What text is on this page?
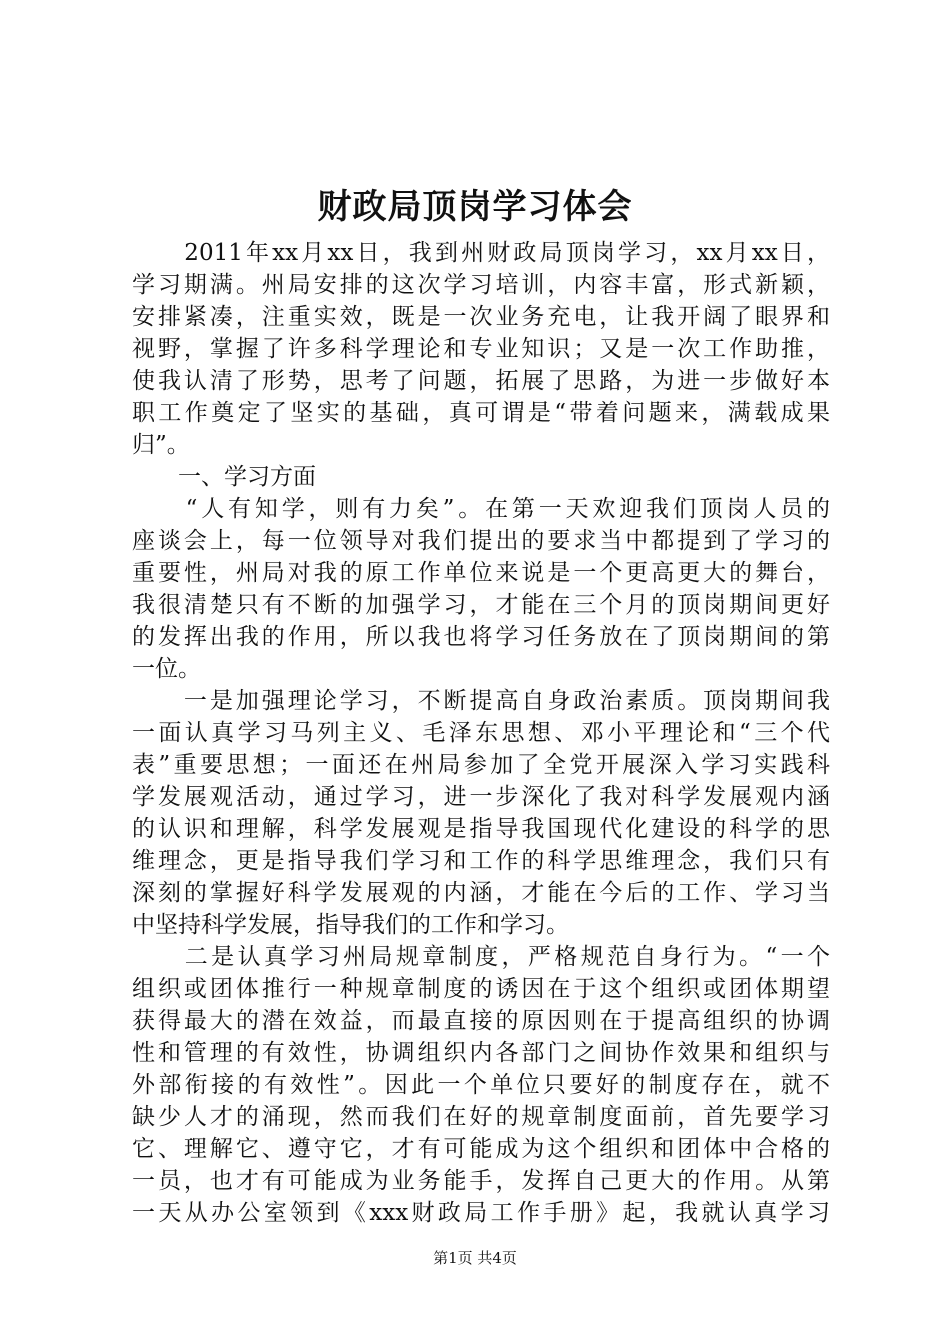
财政局顶岗学习体会
　　2011年xx月xx日，我到州财政局顶岗学习，xx月xx日，
学习期满。州局安排的这次学习培训，内容丰富，形式新颖，
安排紧凑，注重实效，既是一次业务充电，让我开阔了眼界和
视野，掌握了许多科学理论和专业知识；又是一次工作助推，
使我认清了形势，思考了问题，拓展了思路，为进一步做好本
职工作奠定了坚实的基础，真可谓是“带着问题来，满载成果
归”。
　　一、学习方面
　　“人有知学，则有力矣”。在第一天欢迎我们顶岗人员的
座谈会上，每一位领导对我们提出的要求当中都提到了学习的
重要性，州局对我的原工作单位来说是一个更高更大的舞台，
我很清楚只有不断的加强学习，才能在三个月的顶岗期间更好
的发挥出我的作用，所以我也将学习任务放在了顶岗期间的第
一位。
　　一是加强理论学习，不断提高自身政治素质。顶岗期间我
一面认真学习马列主义、毛泽东思想、邓小平理论和“三个代
表”重要思想；一面还在州局参加了全党开展深入学习实践科
学发展观活动，通过学习，进一步深化了我对科学发展观内涵
的认识和理解，科学发展观是指导我国现代化建设的科学的思
维理念，更是指导我们学习和工作的科学思维理念，我们只有
深刻的掌握好科学发展观的内涵，才能在今后的工作、学习当
中坚持科学发展，指导我们的工作和学习。
　　二是认真学习州局规章制度，严格规范自身行为。“一个
组织或团体推行一种规章制度的诱因在于这个组织或团体期望
获得最大的潜在效益，而最直接的原因则在于提高组织的协调
性和管理的有效性，协调组织内各部门之间协作效果和组织与
外部衔接的有效性”。因此一个单位只要好的制度存在，就不
缺少人才的涌现，然而我们在好的规章制度面前，首先要学习
它、理解它、遵守它，才有可能成为这个组织和团体中合格的
一员，也才有可能成为业务能手，发挥自己更大的作用。从第
一天从办公室领到《xxx财政局工作手册》起，我就认真学习
第1页 共4页
